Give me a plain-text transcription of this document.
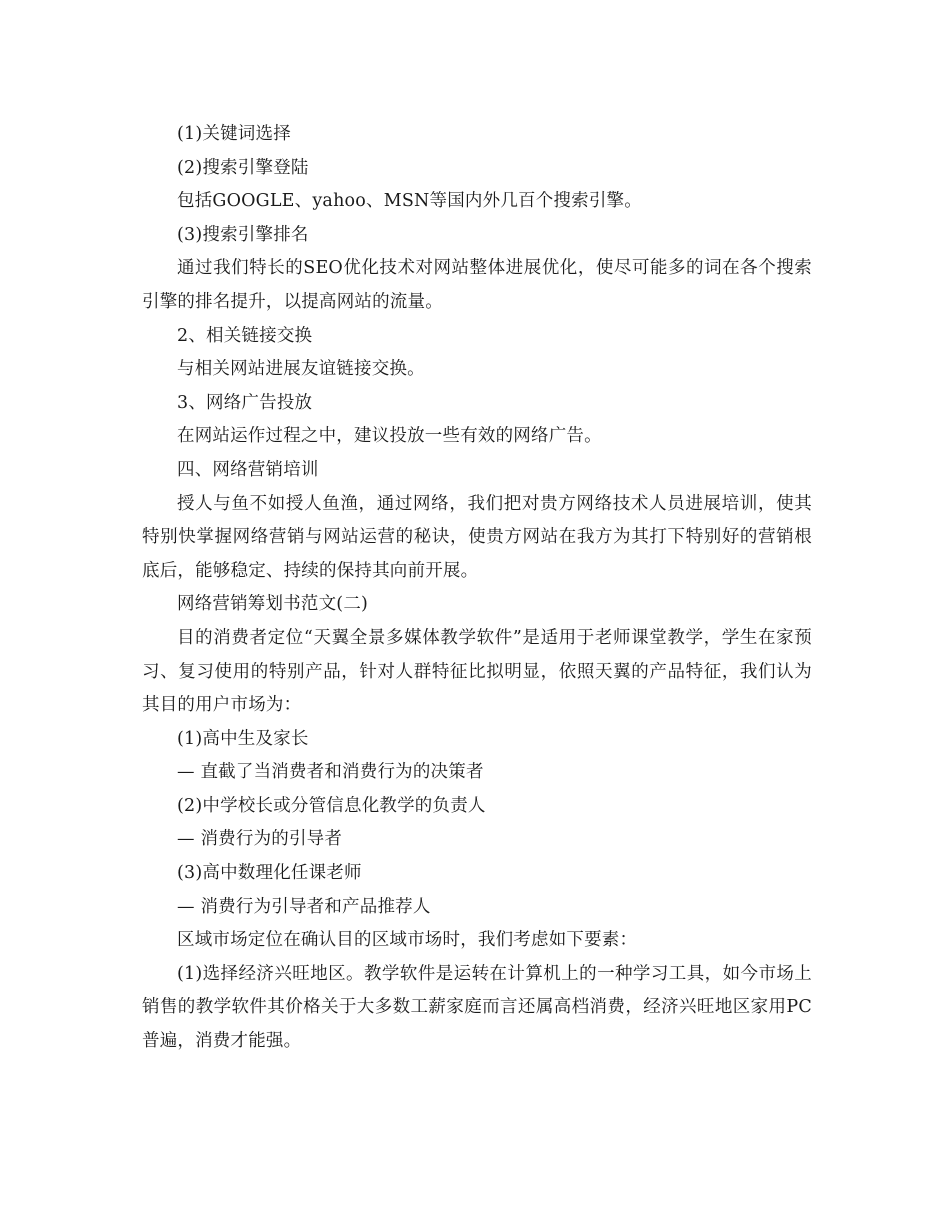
(1)关键词选择

(2)搜索引擎登陆

包括GOOGLE、yahoo、MSN等国内外几百个搜索引擎。

(3)搜索引擎排名

通过我们特长的SEO优化技术对网站整体进展优化，使尽可能多的词在各个搜索引擎的排名提升，以提高网站的流量。

2、相关链接交换

与相关网站进展友谊链接交换。

3、网络广告投放

在网站运作过程之中，建议投放一些有效的网络广告。

四、网络营销培训

授人与鱼不如授人鱼渔，通过网络，我们把对贵方网络技术人员进展培训，使其特别快掌握网络营销与网站运营的秘诀，使贵方网站在我方为其打下特别好的营销根底后，能够稳定、持续的保持其向前开展。

网络营销筹划书范文(二)

目的消费者定位“天翼全景多媒体教学软件”是适用于老师课堂教学，学生在家预习、复习使用的特别产品，针对人群特征比拟明显，依照天翼的产品特征，我们认为其目的用户市场为：

(1)高中生及家长

— 直截了当消费者和消费行为的决策者

(2)中学校长或分管信息化教学的负责人

— 消费行为的引导者

(3)高中数理化任课老师

— 消费行为引导者和产品推荐人

区域市场定位在确认目的区域市场时，我们考虑如下要素：

(1)选择经济兴旺地区。教学软件是运转在计算机上的一种学习工具，如今市场上销售的教学软件其价格关于大多数工薪家庭而言还属高档消费，经济兴旺地区家用PC普遍，消费才能强。
